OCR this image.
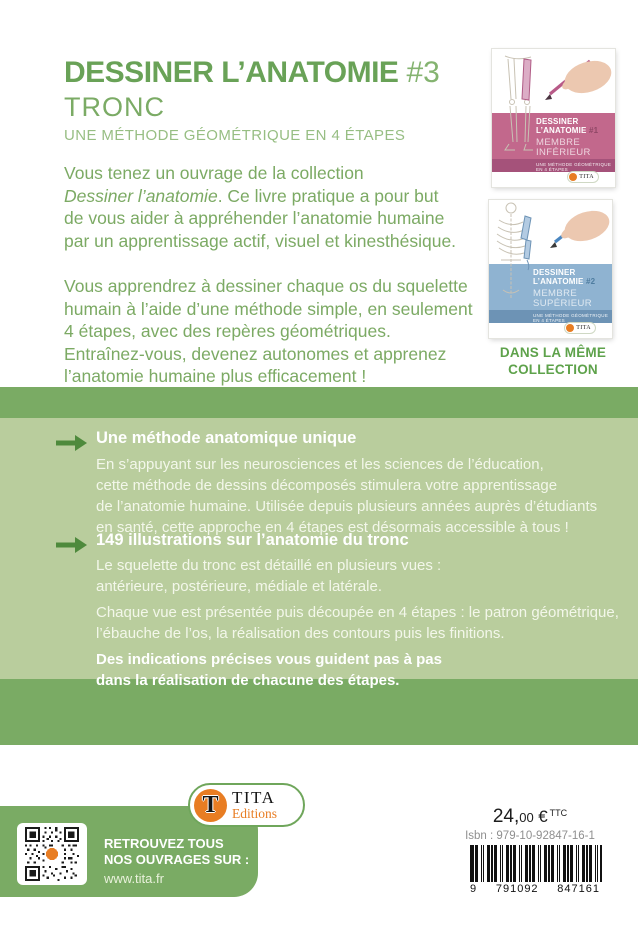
DESSINER L’ANATOMIE #3
TRONC
UNE MÉTHODE GÉOMÉTRIQUE EN 4 ÉTAPES
Vous tenez un ouvrage de la collection
Dessiner l’anatomie. Ce livre pratique a pour but
de vous aider à appréhender l’anatomie humaine
par un apprentissage actif, visuel et kinesthésique.
Vous apprendrez à dessiner chaque os du squelette
humain à l’aide d’une méthode simple, en seulement
4 étapes, avec des repères géométriques.
Entraînez-vous, devenez autonomes et apprenez
l’anatomie humaine plus efficacement !
DESSINER
L’ANATOMIE #1
MEMBRE
INFÉRIEUR
UNE MÉTHODE GÉOMÉTRIQUE EN 4 ÉTAPES
TITA
DESSINER
L’ANATOMIE #2
MEMBRE
SUPÉRIEUR
UNE MÉTHODE GÉOMÉTRIQUE EN 4 ÉTAPES
TITA
DANS LA MÊME
COLLECTION
Une méthode anatomique unique
En s’appuyant sur les neurosciences et les sciences de l’éducation,
cette méthode de dessins décomposés stimulera votre apprentissage
de l’anatomie humaine. Utilisée depuis plusieurs années auprès d’étudiants
en santé, cette approche en 4 étapes est désormais accessible à tous !
149 illustrations sur l’anatomie du tronc
Le squelette du tronc est détaillé en plusieurs vues :
antérieure, postérieure, médiale et latérale.
Chaque vue est présentée puis découpée en 4 étapes : le patron géométrique,
l’ébauche de l’os, la réalisation des contours puis les finitions.
Des indications précises vous guident pas à pas
dans la réalisation de chacune des étapes.
RETROUVEZ TOUS
NOS OUVRAGES SUR :
www.tita.fr
T TITA
Editions	24,00 € $^{TTC}$
Isbn : 979-10-92847-16-1
9 791092 847161
